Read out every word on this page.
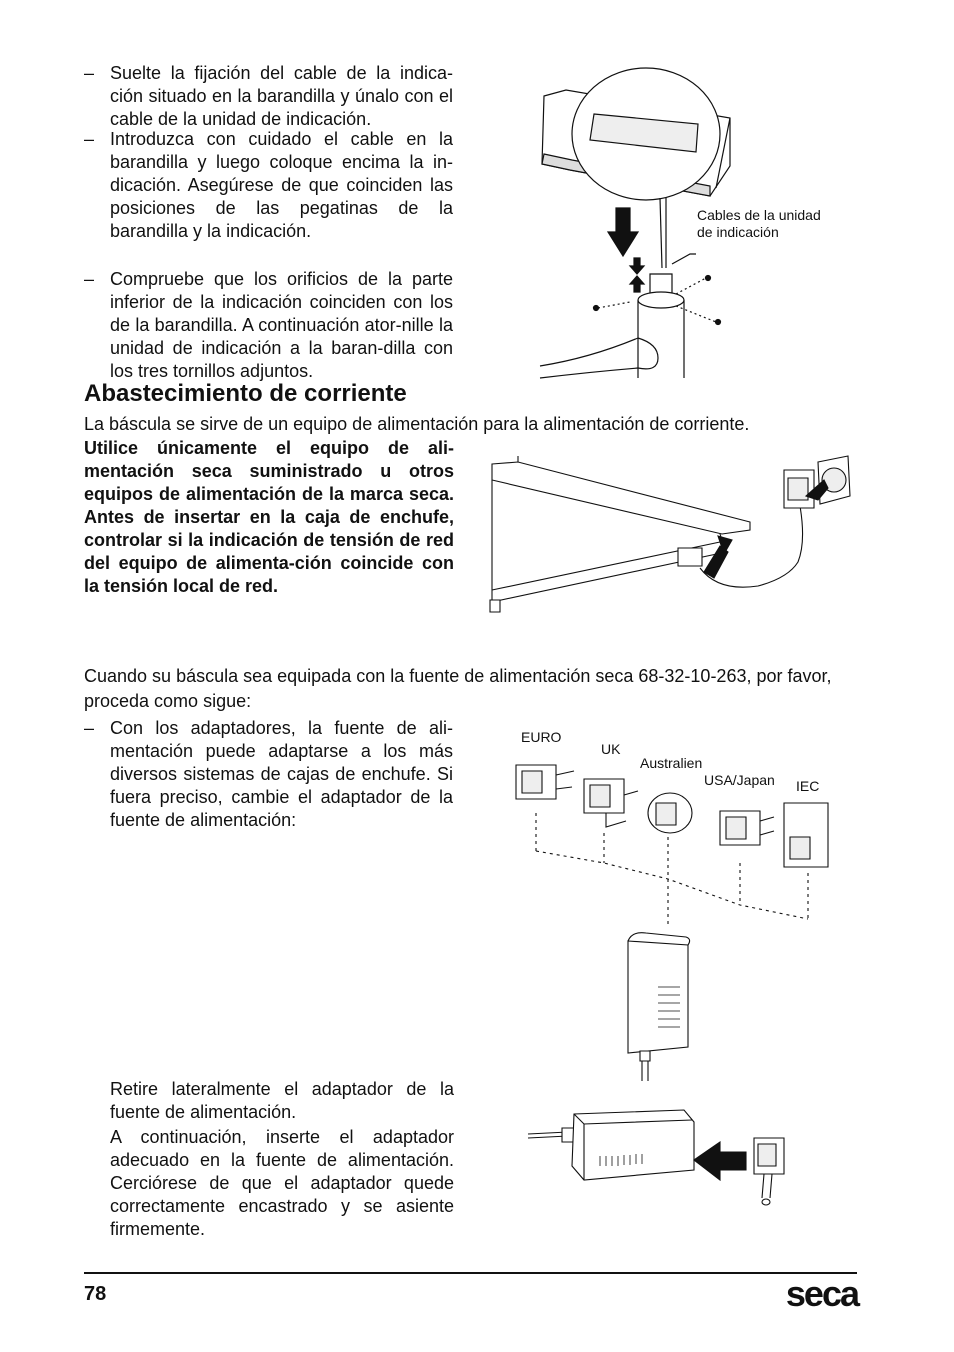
– Suelte la fijación del cable de la indica-ción situado en la barandilla y únalo con el cable de la unidad de indicación.
– Introduzca con cuidado el cable en la barandilla y luego coloque encima la in-dicación. Asegúrese de que coinciden las posiciones de las pegatinas de la barandilla y la indicación.
– Compruebe que los orificios de la parte inferior de la indicación coinciden con los de la barandilla. A continuación ator-nille la unidad de indicación a la baran-dilla con los tres tornillos adjuntos.
Cables de la unidad
de indicación
Abastecimiento de corriente
La báscula se sirve de un equipo de alimentación para la alimentación de corriente.
Utilice únicamente el equipo de ali-mentación seca suministrado u otros equipos de alimentación de la marca seca. Antes de insertar en la caja de enchufe, controlar si la indicación de tensión de red del equipo de alimenta-ción coincide con la tensión local de red.
Cuando su báscula sea equipada con la fuente de alimentación seca 68-32-10-263, por favor, proceda como sigue:
– Con los adaptadores, la fuente de ali-mentación puede adaptarse a los más diversos sistemas de cajas de enchufe. Si fuera preciso, cambie el adaptador de la fuente de alimentación:
EURO
UK
Australien
USA/Japan IEC
Retire lateralmente el adaptador de la fuente de alimentación.
A continuación, inserte el adaptador adecuado en la fuente de alimentación. Cerciórese de que el adaptador quede correctamente encastrado y se asiente firmemente.
78	seca
